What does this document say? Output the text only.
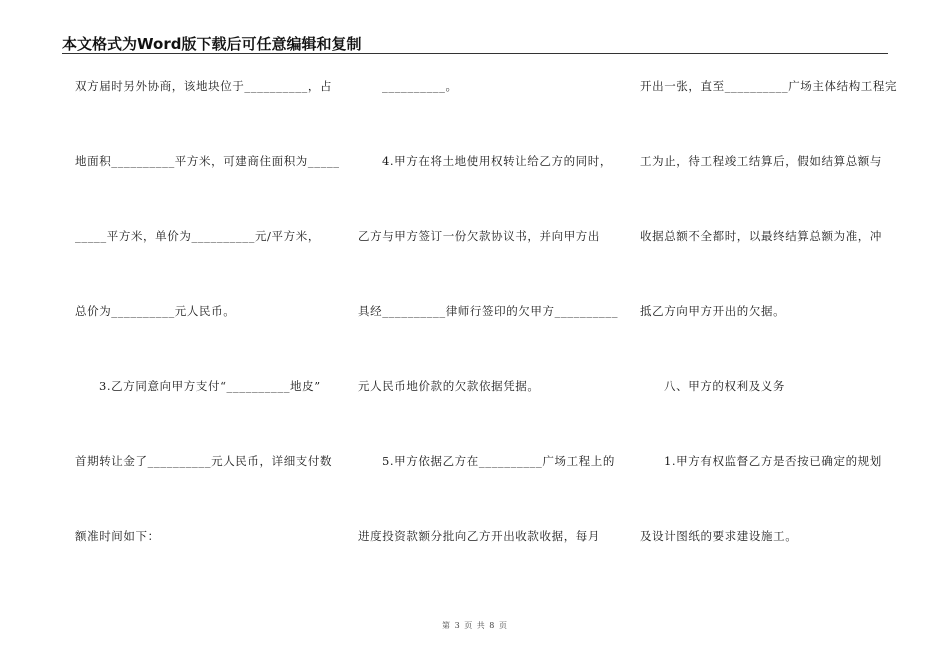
本文格式为Word版下载后可任意编辑和复制
双方届时另外协商，该地块位于__________，占
地面积__________平方米，可建商住面积为_____
_____平方米，单价为__________元/平方米，
总价为__________元人民币。
3.乙方同意向甲方支付“__________地皮”
首期转让金了__________元人民币，详细支付数
额准时间如下：
__________。
4.甲方在将土地使用权转让给乙方的同时，
乙方与甲方签订一份欠款协议书，并向甲方出
具经__________律师行签印的欠甲方__________
元人民币地价款的欠款依据凭据。
5.甲方依据乙方在__________广场工程上的
进度投资款额分批向乙方开出收款收据，每月
开出一张，直至__________广场主体结构工程完
工为止，待工程竣工结算后，假如结算总额与
收据总额不全都时，以最终结算总额为准，冲
抵乙方向甲方开出的欠据。
八、甲方的权利及义务
1.甲方有权监督乙方是否按已确定的规划
及设计图纸的要求建设施工。
第 3 页 共 8 页
